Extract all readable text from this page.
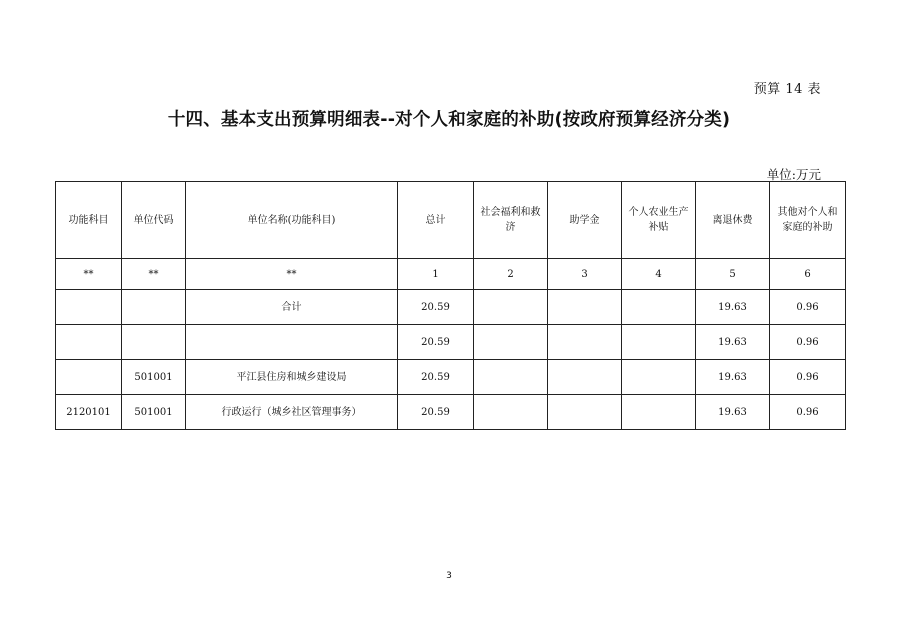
预算 14 表
十四、基本支出预算明细表--对个人和家庭的补助(按政府预算经济分类)
单位:万元
功能科目	单位代码	单位名称(功能科目)	总计	社会福利和救济	助学金	个人农业生产补贴	离退休费	其他对个人和家庭的补助
**	**	**	1	2	3	4	5	6
		合计	20.59				19.63	0.96
			20.59				19.63	0.96
	501001	平江县住房和城乡建设局	20.59				19.63	0.96
2120101	501001	行政运行（城乡社区管理事务）	20.59				19.63	0.96
3
